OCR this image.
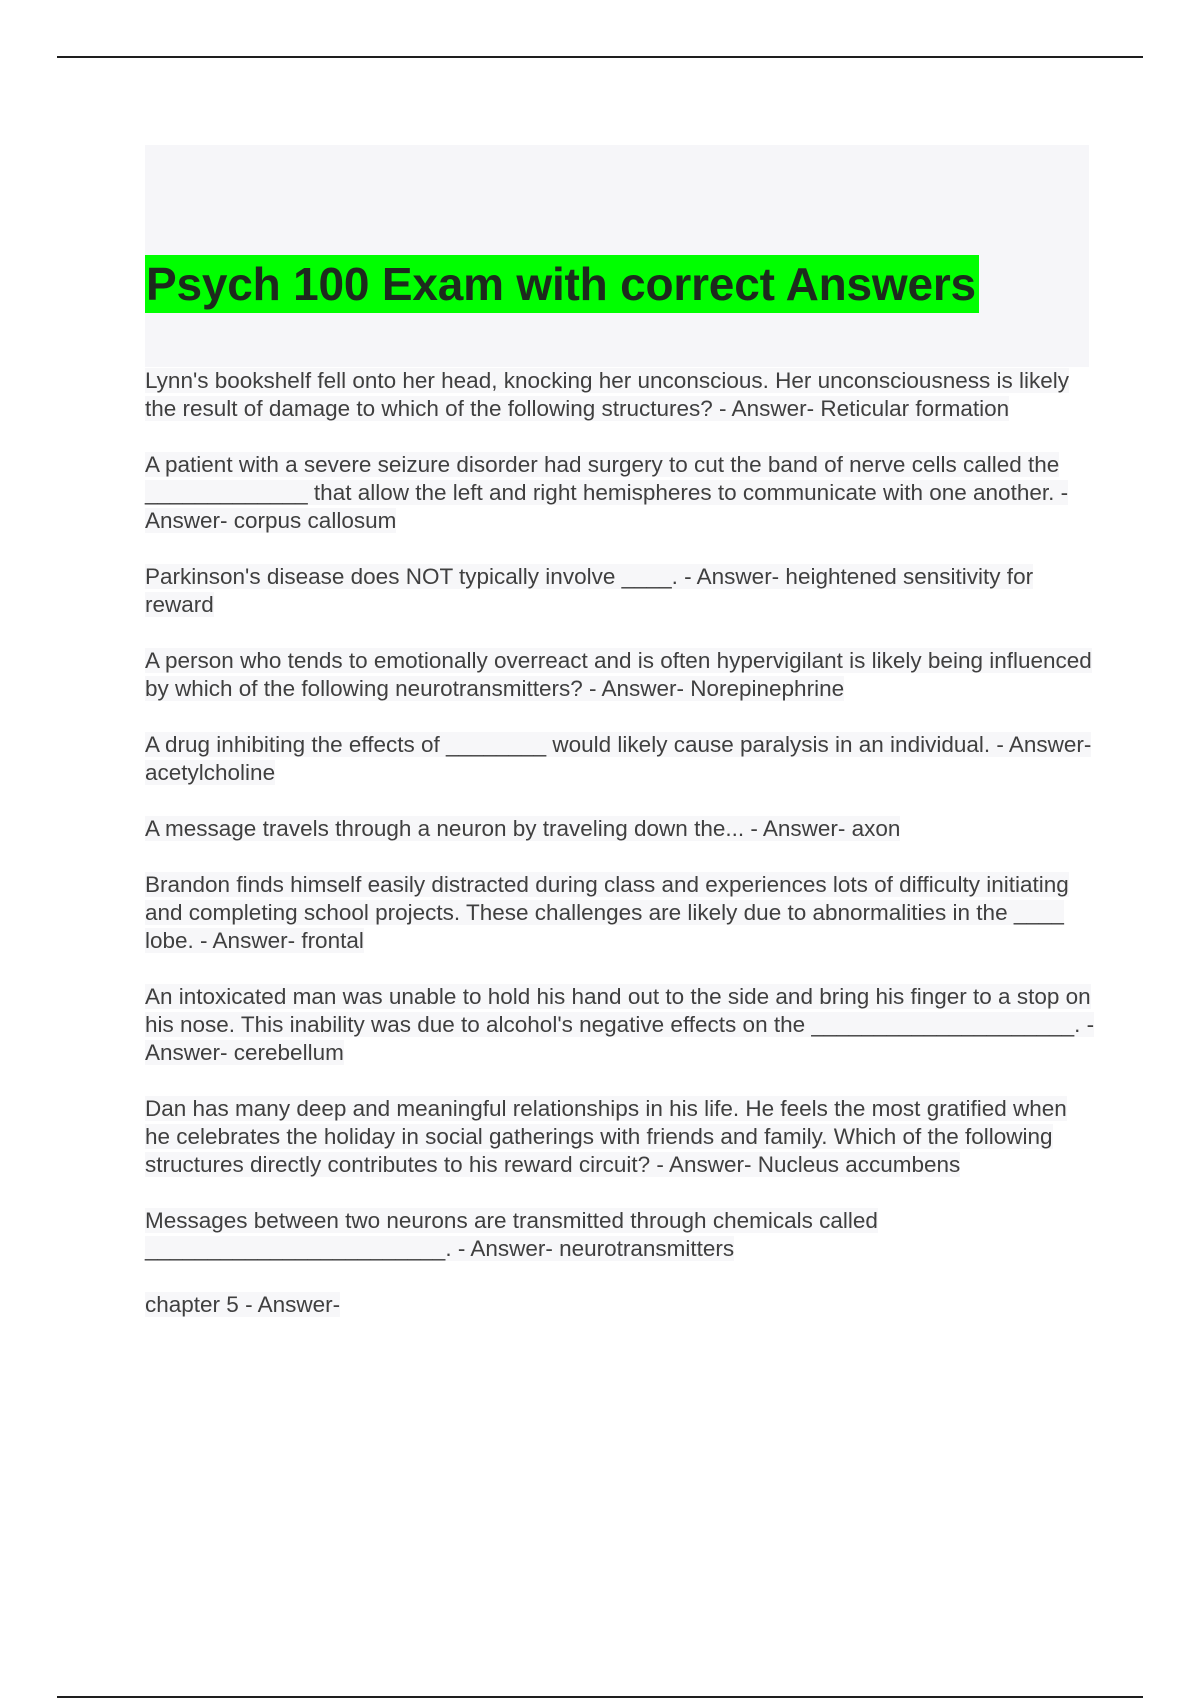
Psych 100 Exam with correct Answers

Lynn's bookshelf fell onto her head, knocking her unconscious. Her unconsciousness is likely the result of damage to which of the following structures? - Answer- Reticular formation

A patient with a severe seizure disorder had surgery to cut the band of nerve cells called the _____________ that allow the left and right hemispheres to communicate with one another. - Answer- corpus callosum

Parkinson's disease does NOT typically involve ____. - Answer- heightened sensitivity for reward

A person who tends to emotionally overreact and is often hypervigilant is likely being influenced by which of the following neurotransmitters? - Answer- Norepinephrine

A drug inhibiting the effects of ________ would likely cause paralysis in an individual. - Answer- acetylcholine

A message travels through a neuron by traveling down the... - Answer- axon

Brandon finds himself easily distracted during class and experiences lots of difficulty initiating and completing school projects. These challenges are likely due to abnormalities in the ____ lobe. - Answer- frontal

An intoxicated man was unable to hold his hand out to the side and bring his finger to a stop on his nose. This inability was due to alcohol's negative effects on the _____________________. - Answer- cerebellum

Dan has many deep and meaningful relationships in his life. He feels the most gratified when he celebrates the holiday in social gatherings with friends and family. Which of the following structures directly contributes to his reward circuit? - Answer- Nucleus accumbens

Messages between two neurons are transmitted through chemicals called ________________________. - Answer- neurotransmitters

chapter 5 - Answer-
